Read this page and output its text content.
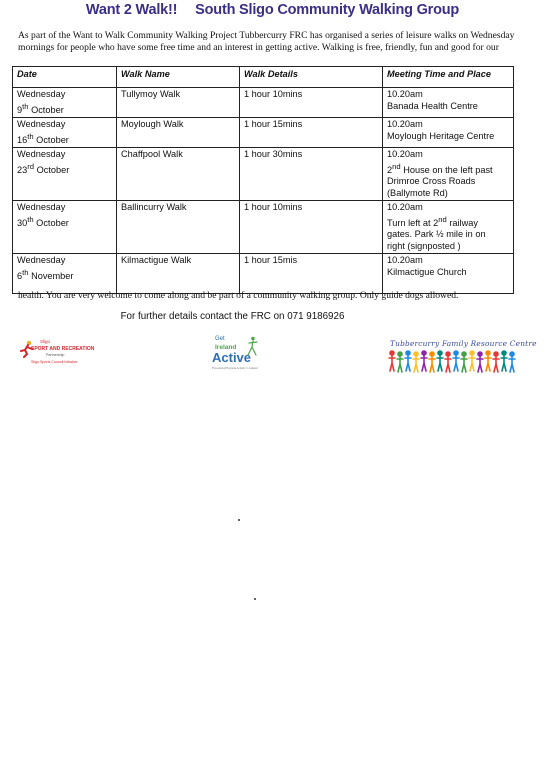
Want 2 Walk!! South Sligo Community Walking Group
As part of the Want to Walk Community Walking Project Tubbercurry FRC has organised a series of leisure walks on Wednesday mornings for people who have some free time and an interest in getting active. Walking is free, friendly, fun and good for our
Date	Walk Name	Walk Details	Meeting Time and Place
Wednesday
9th October	Tullymoy Walk	1 hour 10mins	10.20am
Banada Health Centre
Wednesday
16th October	Moylough Walk	1 hour 15mins	10.20am
Moylough Heritage Centre
Wednesday
23rd October	Chaffpool Walk	1 hour 30mins	10.20am
2nd House on the left past
Drimroe Cross Roads
(Ballymote Rd)
Wednesday
30th October	Ballincurry Walk	1 hour 10mins	10.20am
Turn left at 2nd railway
gates. Park ½ mile in on
right (signposted )
Wednesday
6th November	Kilmactigue Walk	1 hour 15mis	10.20am
Kilmactigue Church
health. You are very welcome to come along and be part of a community walking group. Only guide dogs allowed.
For further details contact the FRC on 071 9186926
Sligo
SPORT AND RECREATION
Partnership
Sligo Sports Council Initiative
Get
Ireland
Active
Promoting Physical Activity in Ireland
Tubbercurry Family Resource Centre
